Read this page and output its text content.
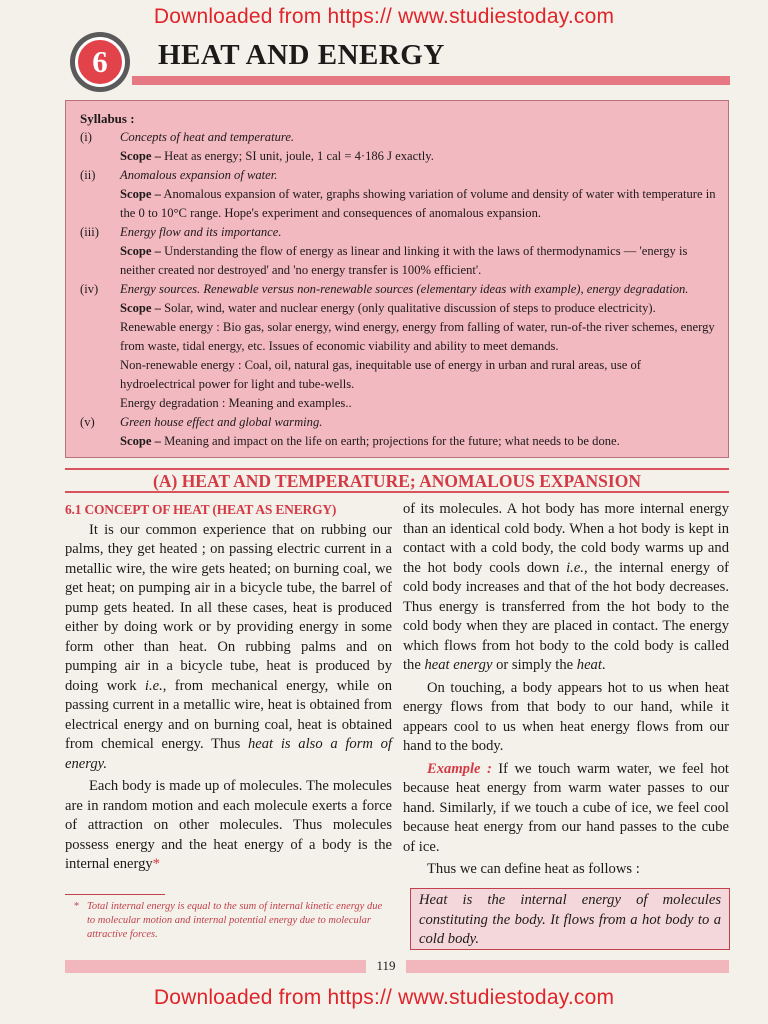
Downloaded from https:// www.studiestoday.com
6	HEAT AND ENERGY
Syllabus :
(i)	Concepts of heat and temperature.
Scope – Heat as energy; SI unit, joule, 1 cal = 4·186 J exactly.
(ii)	Anomalous expansion of water.
Scope – Anomalous expansion of water, graphs showing variation of volume and density of water with temperature in the 0 to 10°C range. Hope's experiment and consequences of anomalous expansion.
(iii)	Energy flow and its importance.
Scope – Understanding the flow of energy as linear and linking it with the laws of thermodynamics — 'energy is neither created nor destroyed' and 'no energy transfer is 100% efficient'.
(iv)	Energy sources. Renewable versus non-renewable sources (elementary ideas with example), energy degradation.
Scope – Solar, wind, water and nuclear energy (only qualitative discussion of steps to produce electricity).
Renewable energy : Bio gas, solar energy, wind energy, energy from falling of water, run-of-the river schemes, energy from waste, tidal energy, etc. Issues of economic viability and ability to meet demands.
Non-renewable energy : Coal, oil, natural gas, inequitable use of energy in urban and rural areas, use of hydroelectrical power for light and tube-wells.
Energy degradation : Meaning and examples..
(v)	Green house effect and global warming.
Scope – Meaning and impact on the life on earth; projections for the future; what needs to be done.
(A) HEAT AND TEMPERATURE; ANOMALOUS EXPANSION
6.1 CONCEPT OF HEAT (HEAT AS ENERGY)

It is our common experience that on rubbing our palms, they get heated ; on passing electric current in a metallic wire, the wire gets heated; on burning coal, we get heat; on pumping air in a bicycle tube, the barrel of pump gets heated. In all these cases, heat is produced either by doing work or by providing energy in some form other than heat. On rubbing palms and on pumping air in a bicycle tube, heat is produced by doing work i.e., from mechanical energy, while on passing current in a metallic wire, heat is obtained from electrical energy and on burning coal, heat is obtained from chemical energy. Thus heat is also a form of energy.

Each body is made up of molecules. The molecules are in random motion and each molecule exerts a force of attraction on other molecules. Thus molecules possess energy and the heat energy of a body is the internal energy*

of its molecules. A hot body has more internal energy than an identical cold body. When a hot body is kept in contact with a cold body, the cold body warms up and the hot body cools down i.e., the internal energy of cold body increases and that of the hot body decreases. Thus energy is transferred from the hot body to the cold body when they are placed in contact. The energy which flows from hot body to the cold body is called the heat energy or simply the heat.

On touching, a body appears hot to us when heat energy flows from that body to our hand, while it appears cool to us when heat energy flows from our hand to the body.

Example : If we touch warm water, we feel hot because heat energy from warm water passes to our hand. Similarly, if we touch a cube of ice, we feel cool because heat energy from our hand passes to the cube of ice.

Thus we can define heat as follows :

Heat is the internal energy of molecules constituting the body. It flows from a hot body to a cold body.
* Total internal energy is equal to the sum of internal kinetic energy due to molecular motion and internal potential energy due to molecular attractive forces.
119
Downloaded from https:// www.studiestoday.com
